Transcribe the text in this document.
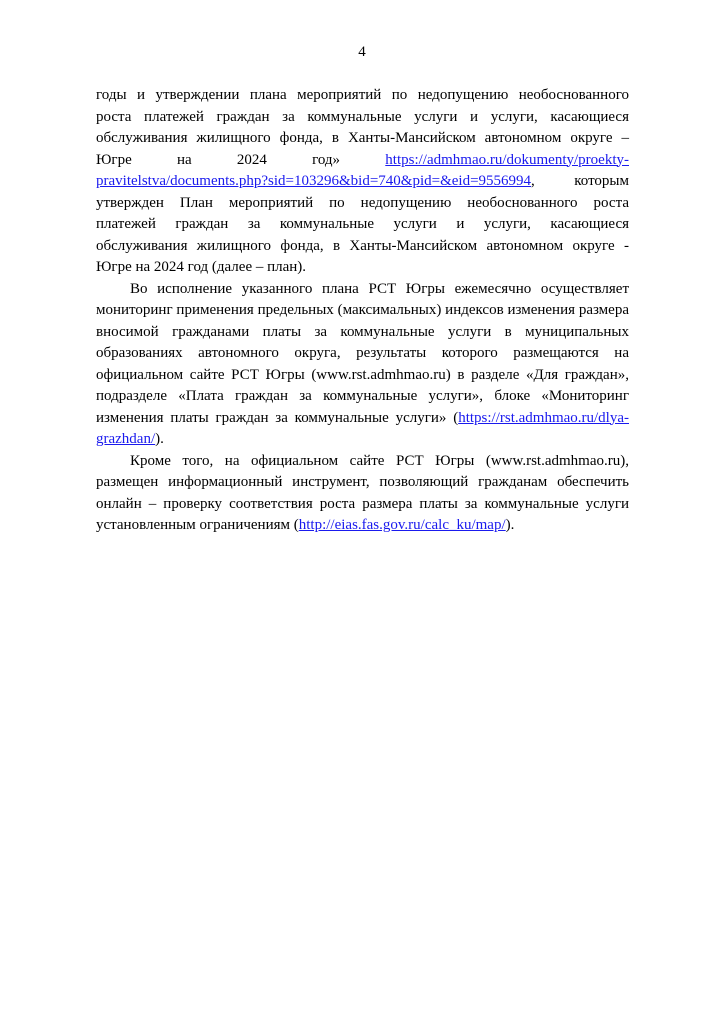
4

годы и утверждении плана мероприятий по недопущению необоснованного
роста платежей граждан за коммунальные услуги и услуги, касающиеся
обслуживания жилищного фонда, в Ханты-Мансийском автономном округе –
Югре на 2024 год»	https://admhmao.ru/dokumenty/proekty-
pravitelstva/documents.php?sid=103296&bid=740&pid=&eid=9556994, которым
утвержден План мероприятий по недопущению необоснованного роста
платежей граждан за коммунальные услуги и услуги, касающиеся
обслуживания жилищного фонда, в Ханты-Мансийском автономном округе -
Югре на 2024 год (далее – план).

Во исполнение указанного плана РСТ Югры ежемесячно осуществляет мониторинг применения предельных (максимальных) индексов изменения размера вносимой гражданами платы за коммунальные услуги в муниципальных образованиях автономного округа, результаты которого размещаются на официальном сайте РСТ Югры (www.rst.admhmao.ru) в разделе «Для граждан», подразделе «Плата граждан за коммунальные услуги», блоке «Мониторинг изменения платы граждан за коммунальные услуги» (https://rst.admhmao.ru/dlya-grazhdan/).

Кроме того, на официальном сайте РСТ Югры (www.rst.admhmao.ru), размещен информационный инструмент, позволяющий гражданам обеспечить онлайн – проверку соответствия роста размера платы за коммунальные услуги установленным ограничениям (http://eias.fas.gov.ru/calc_ku/map/).
